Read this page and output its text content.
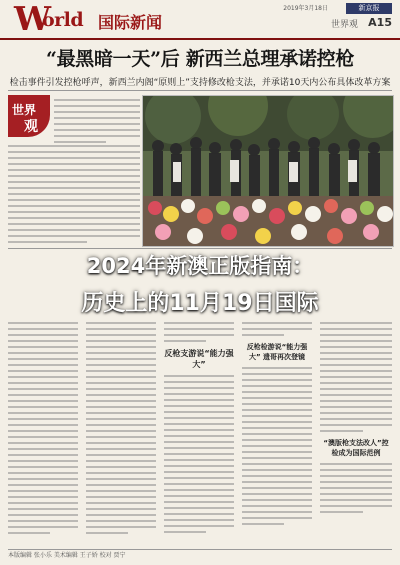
W
orld 国际新闻
2019年3月18日	新京报
世界观 A15
“最黑暗一天”后 新西兰总理承诺控枪
检击事件引发控枪呼声，新西兰内阁“原则上”支持修改枪支法，并承诺10天内公布具体改革方案
世界
观
反枪支游说“能力强大”
反枪检游说“能力强大” 遗哥再次登镜
“澳版枪支法改人”控检成为国际范例
本版编辑 张小乐 美术编辑 王子娇 校对 贾宁
2024年新澳正版指南：
历史上的11月19日国际
